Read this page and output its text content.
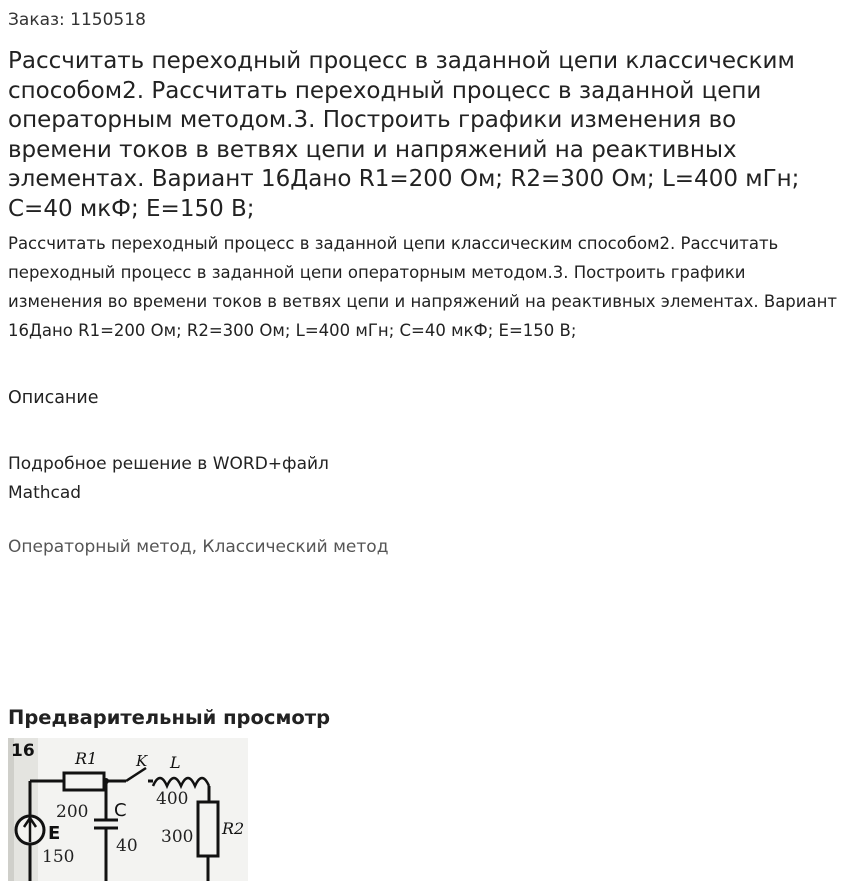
Заказ: 1150518
Рассчитать переходный процесс в заданной цепи классическим способом2. Рассчитать переходный процесс в заданной цепи операторным методом.3. Построить графики изменения во времени токов в ветвях цепи и напряжений на реактивных элементах. Вариант 16Дано R1=200 Ом; R2=300 Ом; L=400 мГн; C=40 мкФ; E=150 В;

Рассчитать переходный процесс в заданной цепи классическим способом2. Рассчитать переходный процесс в заданной цепи операторным методом.3. Построить графики изменения во времени токов в ветвях цепи и напряжений на реактивных элементах. Вариант 16Дано R1=200 Ом; R2=300 Ом; L=400 мГн; C=40 мкФ; E=150 В;

Описание
Подробное решение в WORD+файл
Mathcad
Операторный метод, Классический метод
Предварительный просмотр
16	R1
200
K L
400
E
150
C
40
R2
300
